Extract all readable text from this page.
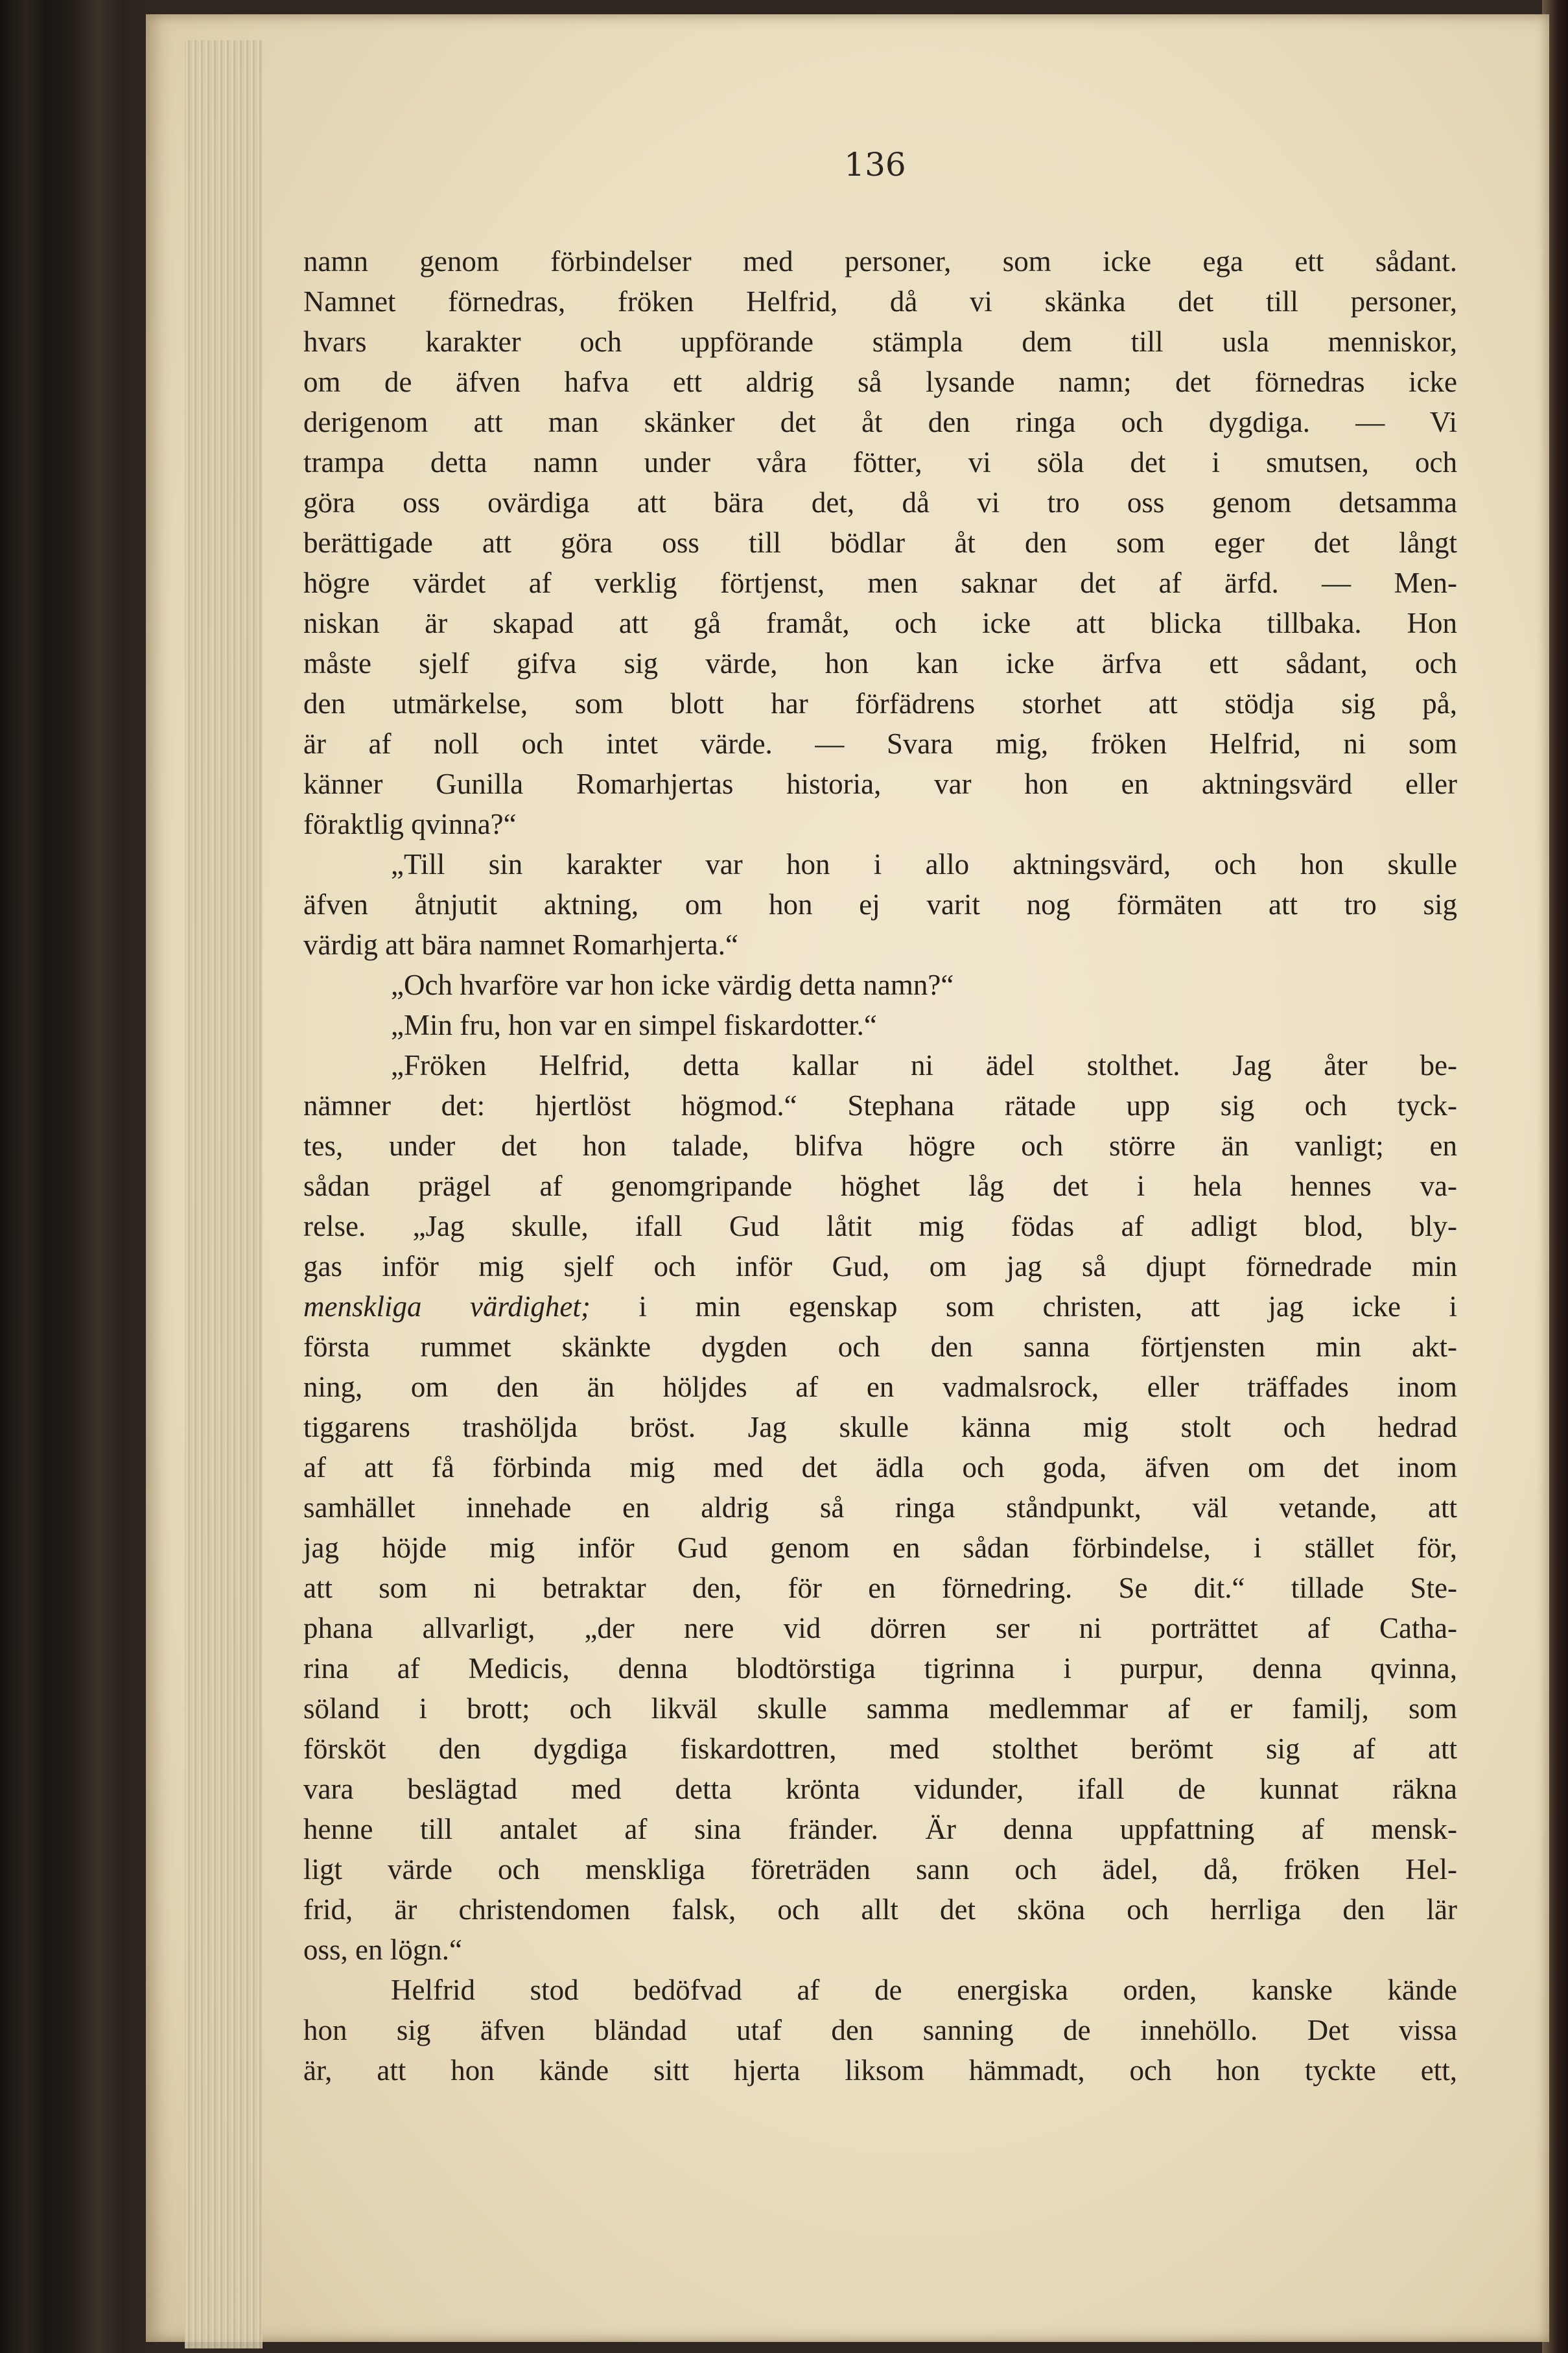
136
namn genom förbindelser med personer, som icke ega ett sådant.
Namnet förnedras, fröken Helfrid, då vi skänka det till personer,
hvars karakter och uppförande stämpla dem till usla menniskor,
om de äfven hafva ett aldrig så lysande namn; det förnedras icke
derigenom att man skänker det åt den ringa och dygdiga. — Vi
trampa detta namn under våra fötter, vi söla det i smutsen, och
göra oss ovärdiga att bära det, då vi tro oss genom detsamma
berättigade att göra oss till bödlar åt den som eger det långt
högre värdet af verklig förtjenst, men saknar det af ärfd. — Men-
niskan är skapad att gå framåt, och icke att blicka tillbaka. Hon
måste sjelf gifva sig värde, hon kan icke ärfva ett sådant, och
den utmärkelse, som blott har förfädrens storhet att stödja sig på,
är af noll och intet värde. — Svara mig, fröken Helfrid, ni som
känner Gunilla Romarhjertas historia, var hon en aktningsvärd eller
föraktlig qvinna?“
„Till sin karakter var hon i allo aktningsvärd, och hon skulle
äfven åtnjutit aktning, om hon ej varit nog förmäten att tro sig
värdig att bära namnet Romarhjerta.“
„Och hvarföre var hon icke värdig detta namn?“
„Min fru, hon var en simpel fiskardotter.“
„Fröken Helfrid, detta kallar ni ädel stolthet. Jag åter be-
nämner det: hjertlöst högmod.“ Stephana rätade upp sig och tyck-
tes, under det hon talade, blifva högre och större än vanligt; en
sådan prägel af genomgripande höghet låg det i hela hennes va-
relse. „Jag skulle, ifall Gud låtit mig födas af adligt blod, bly-
gas inför mig sjelf och inför Gud, om jag så djupt förnedrade min
menskliga värdighet; i min egenskap som christen, att jag icke i
första rummet skänkte dygden och den sanna förtjensten min akt-
ning, om den än höljdes af en vadmalsrock, eller träffades inom
tiggarens trashöljda bröst. Jag skulle känna mig stolt och hedrad
af att få förbinda mig med det ädla och goda, äfven om det inom
samhället innehade en aldrig så ringa ståndpunkt, väl vetande, att
jag höjde mig inför Gud genom en sådan förbindelse, i stället för,
att som ni betraktar den, för en förnedring. Se dit.“ tillade Ste-
phana allvarligt, „der nere vid dörren ser ni porträttet af Catha-
rina af Medicis, denna blodtörstiga tigrinna i purpur, denna qvinna,
söland i brott; och likväl skulle samma medlemmar af er familj, som
försköt den dygdiga fiskardottren, med stolthet berömt sig af att
vara beslägtad med detta krönta vidunder, ifall de kunnat räkna
henne till antalet af sina fränder. Är denna uppfattning af mensk-
ligt värde och menskliga företräden sann och ädel, då, fröken Hel-
frid, är christendomen falsk, och allt det sköna och herrliga den lär
oss, en lögn.“
Helfrid stod bedöfvad af de energiska orden, kanske kände
hon sig äfven bländad utaf den sanning de innehöllo. Det vissa
är, att hon kände sitt hjerta liksom hämmadt, och hon tyckte ett,
